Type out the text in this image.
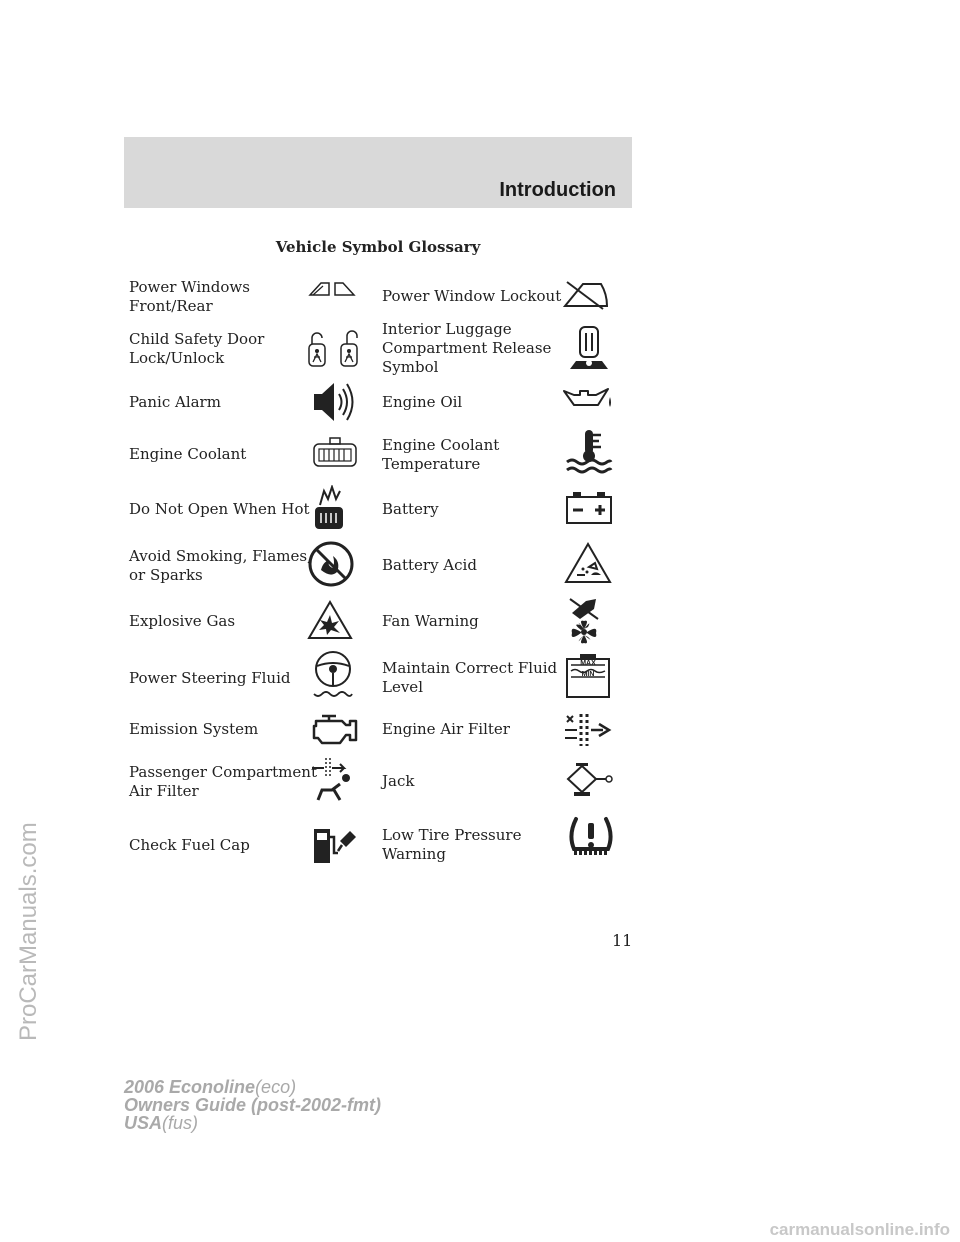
Introduction
Vehicle Symbol Glossary
Power Windows
Front/Rear
Child Safety Door
Lock/Unlock
Panic Alarm
Engine Coolant
Do Not Open When Hot
Avoid Smoking, Flames,
or Sparks
Explosive Gas
Power Steering Fluid
Emission System
Passenger Compartment
Air Filter
Check Fuel Cap
Power Window Lockout
Interior Luggage
Compartment Release
Symbol
Engine Oil
Engine Coolant
Temperature
Battery
Battery Acid
Fan Warning
Maintain Correct Fluid
Level
Engine Air Filter
Jack
Low Tire Pressure
Warning
MAX
MIN
11
2006 Econoline(eco)
Owners Guide (post-2002-fmt)
USA(fus)
ProCarManuals.com
carmanualsonline.info
